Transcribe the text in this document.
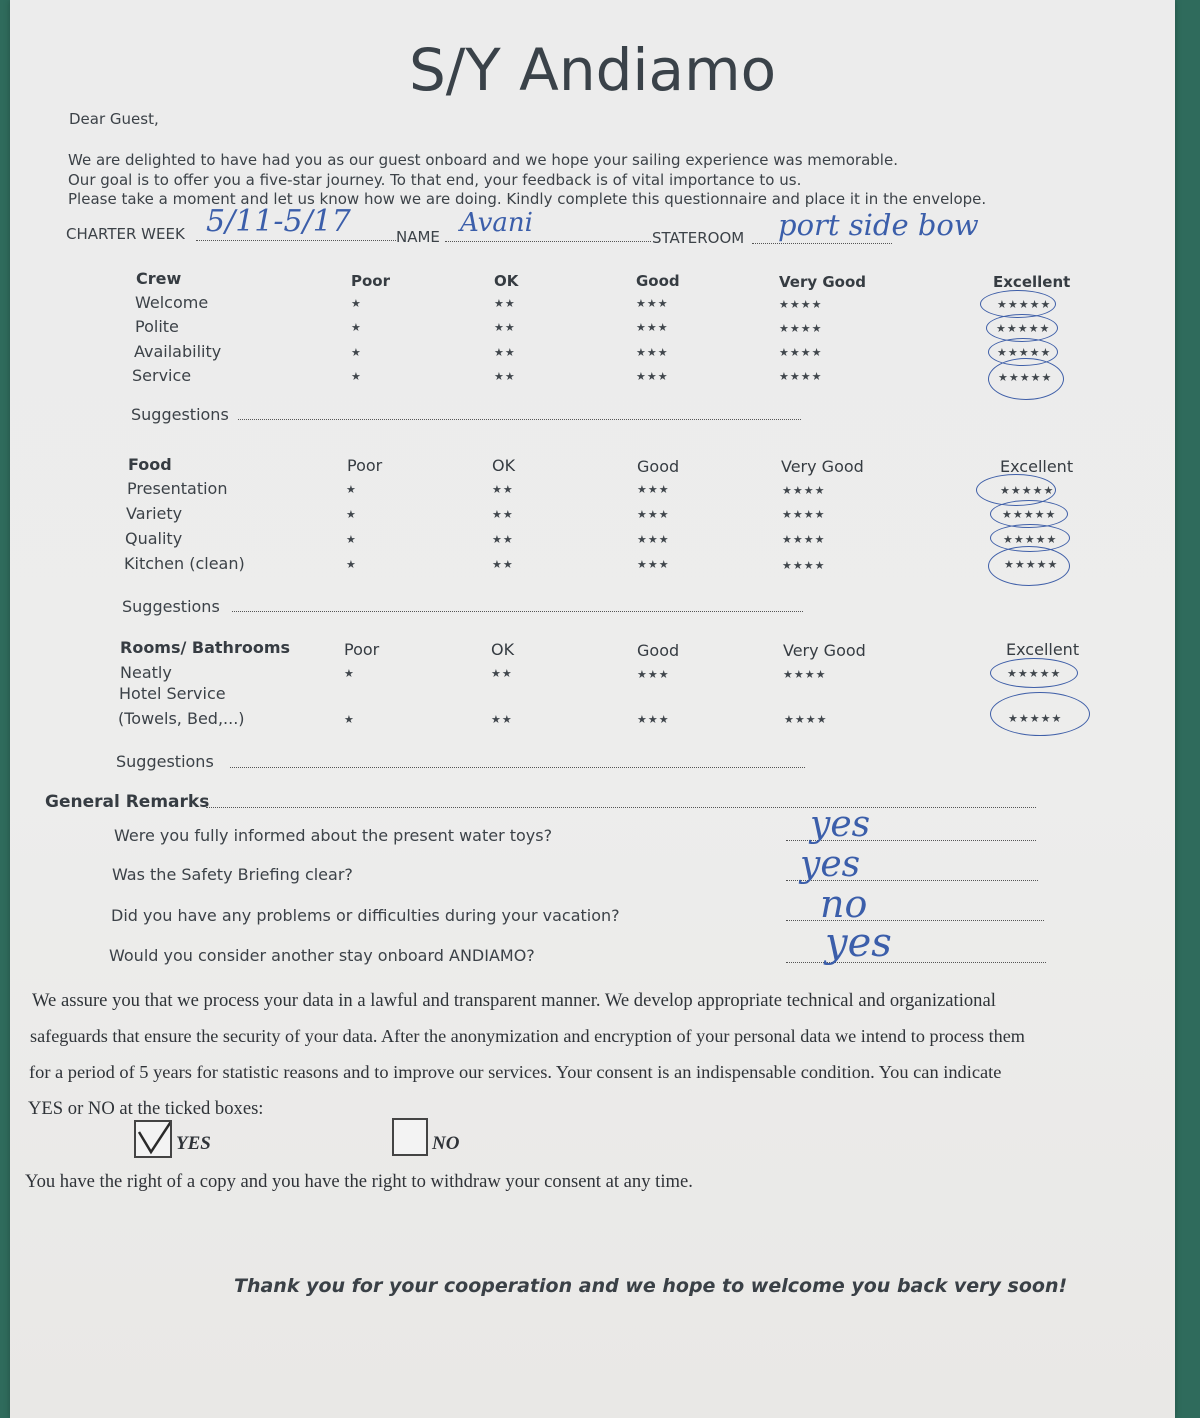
S/Y Andiamo
Dear Guest,
We are delighted to have had you as our guest onboard and we hope your sailing experience was memorable.
Our goal is to offer you a five-star journey. To that end, your feedback is of vital importance to us.
Please take a moment and let us know how we are doing. Kindly complete this questionnaire and place it in the envelope.
CHARTER WEEK 5/11-5/17	NAME Avani	STATEROOM port side bow
Crew	Poor	OK	Good	Very Good	Excellent
Welcome	★	★★	★★★	★★★★	★★★★★
Polite	★	★★	★★★	★★★★	★★★★★
Availability	★	★★	★★★	★★★★	★★★★★
Service	★	★★	★★★	★★★★	★★★★★
Suggestions
Food	Poor	OK	Good	Very Good	Excellent
Presentation	★	★★	★★★	★★★★	★★★★★
Variety	★	★★	★★★	★★★★	★★★★★
Quality	★	★★	★★★	★★★★	★★★★★
Kitchen (clean)	★	★★	★★★	★★★★	★★★★★
Suggestions
Rooms/ Bathrooms	Poor	OK	Good	Very Good	Excellent
Neatly	★	★★	★★★	★★★★	★★★★★
Hotel Service
(Towels, Bed,...)	★	★★	★★★	★★★★	★★★★★
Suggestions
General Remarks
Were you fully informed about the present water toys?	yes
Was the Safety Briefing clear?	yes
Did you have any problems or difficulties during your vacation?	no
Would you consider another stay onboard ANDIAMO?	yes
We assure you that we process your data in a lawful and transparent manner. We develop appropriate technical and organizational
safeguards that ensure the security of your data. After the anonymization and encryption of your personal data we intend to process them
for a period of 5 years for statistic reasons and to improve our services. Your consent is an indispensable condition. You can indicate
YES or NO at the ticked boxes:
YES	NO
You have the right of a copy and you have the right to withdraw your consent at any time.
Thank you for your cooperation and we hope to welcome you back very soon!
